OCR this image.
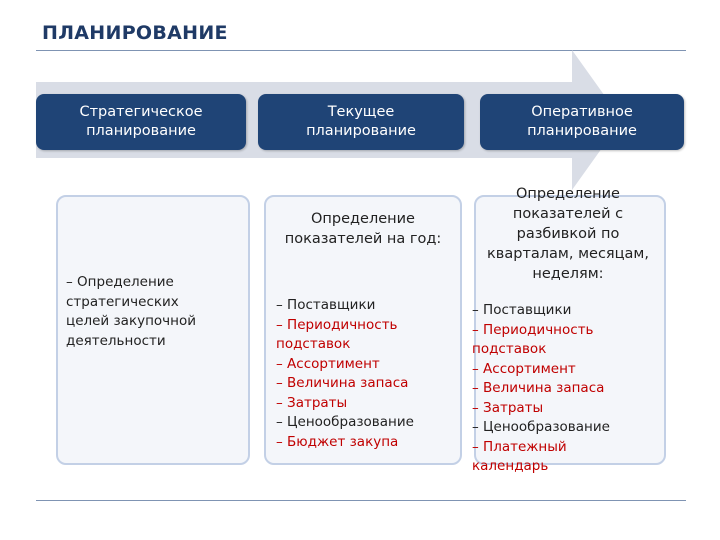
ПЛАНИРОВАНИЕ
Стратегическое
планирование
Текущее
планирование
Оперативное
планирование
– Определение
стратегических
целей закупочной
деятельности
Определение
показателей на год:
– Поставщики
– Периодичность
подставок
– Ассортимент
– Величина запаса
– Затраты
– Ценообразование
– Бюджет закупа
Определение
показателей с
разбивкой по
кварталам, месяцам,
неделям:
– Поставщики
– Периодичность
подставок
– Ассортимент
– Величина запаса
– Затраты
– Ценообразование
– Платежный
календарь
